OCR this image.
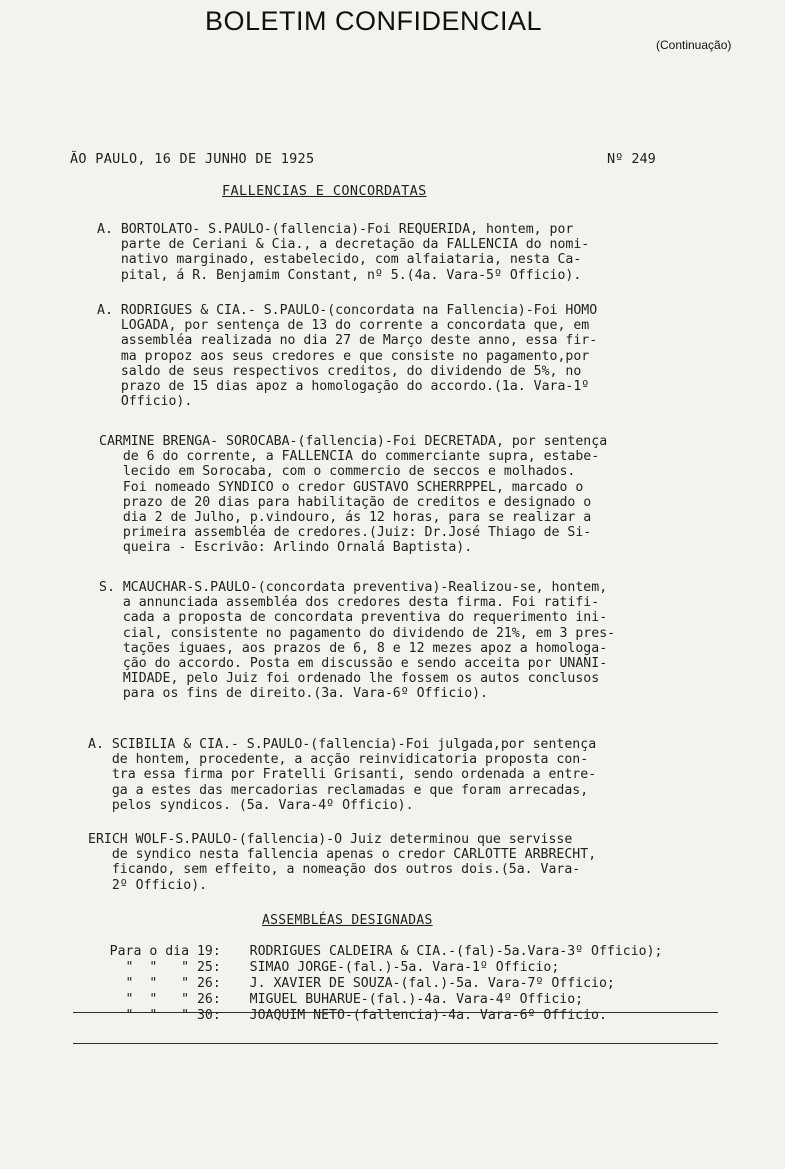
BOLETIM CONFIDENCIAL
(Continuação)
ÃO PAULO, 16 DE JUNHO DE 1925	Nº 249
FALLENCIAS E CONCORDATAS
A. BORTOLATO- S.PAULO-(fallencia)-Foi REQUERIDA, hontem, por
parte de Ceriani & Cia., a decretação da FALLENCIA do nomi-
nativo marginado, estabelecido, com alfaiataria, nesta Ca-
pital, á R. Benjamim Constant, nº 5.(4a. Vara-5º Officio).
A. RODRIGUES & CIA.- S.PAULO-(concordata na Fallencia)-Foi HOMO
LOGADA, por sentença de 13 do corrente a concordata que, em
assembléa realizada no dia 27 de Março deste anno, essa fir-
ma propoz aos seus credores e que consiste no pagamento,por
saldo de seus respectivos creditos, do dividendo de 5%, no
prazo de 15 dias apoz a homologação do accordo.(1a. Vara-1º
Officio).
CARMINE BRENGA- SOROCABA-(fallencia)-Foi DECRETADA, por sentença
de 6 do corrente, a FALLENCIA do commerciante supra, estabe-
lecido em Sorocaba, com o commercio de seccos e molhados.
Foi nomeado SYNDICO o credor GUSTAVO SCHERRPPEL, marcado o
prazo de 20 dias para habilitação de creditos e designado o
dia 2 de Julho, p.vindouro, ás 12 horas, para se realizar a
primeira assembléa de credores.(Juiz: Dr.José Thiago de Si-
queira - Escrivão: Arlindo Ornalá Baptista).
S. MCAUCHAR-S.PAULO-(concordata preventiva)-Realizou-se, hontem,
a annunciada assembléa dos credores desta firma. Foi ratifi-
cada a proposta de concordata preventiva do requerimento ini-
cial, consistente no pagamento do dividendo de 21%, em 3 pres-
tações iguaes, aos prazos de 6, 8 e 12 mezes apoz a homologa-
ção do accordo. Posta em discussão e sendo acceita por UNANI-
MIDADE, pelo Juiz foi ordenado lhe fossem os autos conclusos
para os fins de direito.(3a. Vara-6º Officio).
A. SCIBILIA & CIA.- S.PAULO-(fallencia)-Foi julgada,por sentença
de hontem, procedente, a acção reinvidicatoria proposta con-
tra essa firma por Fratelli Grisanti, sendo ordenada a entre-
ga a estes das mercadorias reclamadas e que foram arrecadas,
pelos syndicos. (5a. Vara-4º Officio).
ERICH WOLF-S.PAULO-(fallencia)-O Juiz determinou que servisse
de syndico nesta fallencia apenas o credor CARLOTTE ARBRECHT,
ficando, sem effeito, a nomeação dos outros dois.(5a. Vara-
2º Officio).
ASSEMBLÉAS DESIGNADAS

Para o dia 19: RODRIGUES CALDEIRA & CIA.-(fal)-5a.Vara-3º Officio);

"  "   " 25: SIMAO JORGE-(fal.)-5a. Vara-1º Officio;

"  "   " 26: J. XAVIER DE SOUZA-(fal.)-5a. Vara-7º Officio;

"  "   " 26: MIGUEL BUHARUE-(fal.)-4a. Vara-4º Officio;

"  "   " 30: JOAQUIM NETO-(fallencia)-4a. Vara-6º Officio.
